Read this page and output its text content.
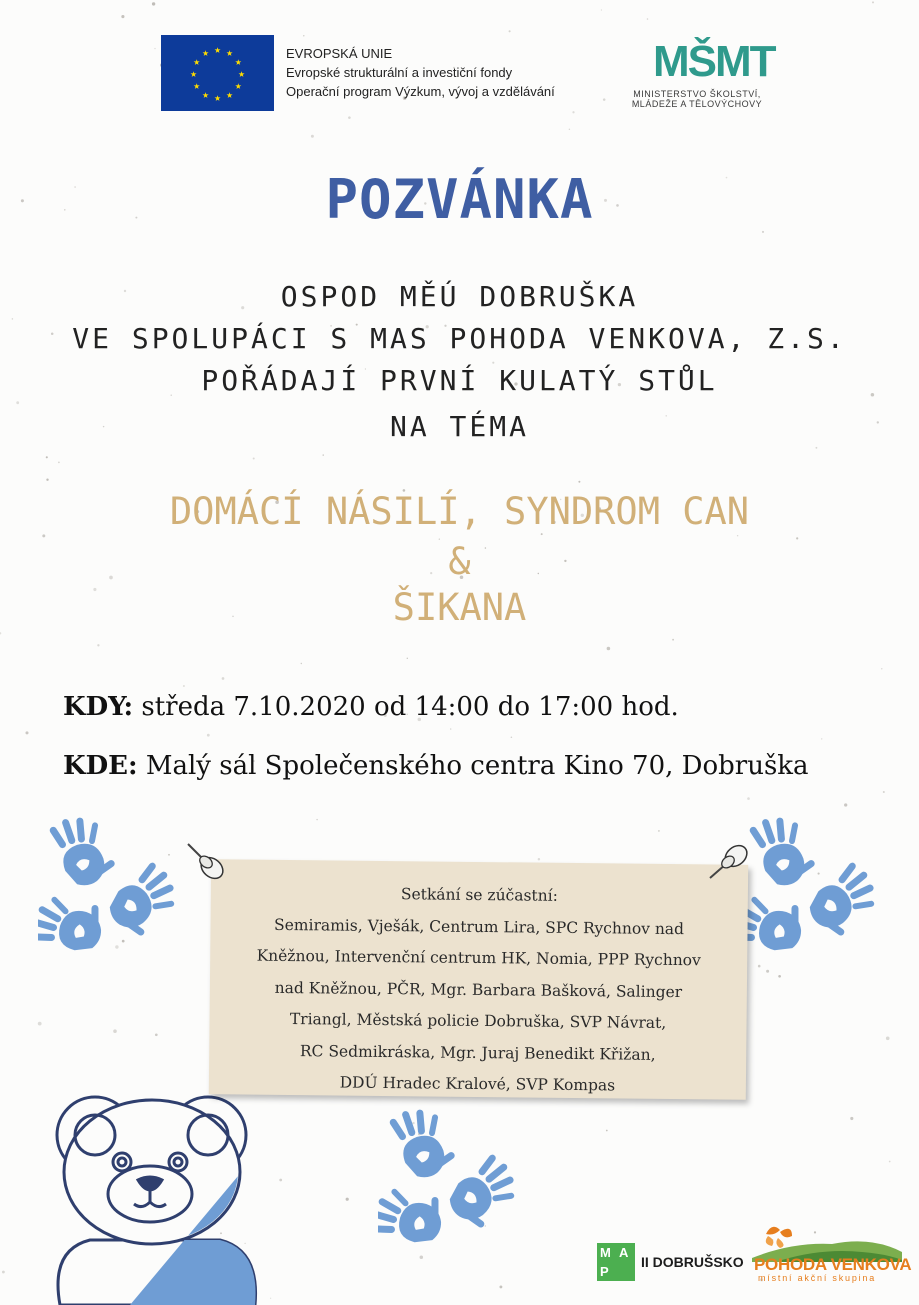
★ ★
★
★
★
★
★
★
★
★
★
★	EVROPSKÁ UNIE
Evropské strukturální a investiční fondy
Operační program Výzkum, vývoj a vzdělávání
MŠMT
MINISTERSTVO ŠKOLSTVÍ,
MLÁDEŽE A TĚLOVÝCHOVY
POZVÁNKA
OSPOD MĚÚ DOBRUŠKA
VE SPOLUPÁCI S MAS POHODA VENKOVA, Z.S.
POŘÁDAJÍ PRVNÍ KULATÝ STŮL
NA TÉMA
DOMÁCÍ NÁSILÍ, SYNDROM CAN
&
ŠIKANA
KDY: středa 7.10.2020 od 14:00 do 17:00 hod.
KDE: Malý sál Společenského centra Kino 70, Dobruška
Setkání se zúčastní:
Semiramis, Vješák, Centrum Lira, SPC Rychnov nad
Kněžnou, Intervenční centrum HK, Nomia, PPP Rychnov
nad Kněžnou, PČR, Mgr. Barbara Bašková, Salinger
Triangl, Městská policie Dobruška, SVP Návrat,
RC Sedmikráska, Mgr. Juraj Benedikt Křižan,
DDÚ Hradec Kralové, SVP Kompas
M A
P
II DOBRUŠSKO POHODA VENKOVA
místní akční skupina
